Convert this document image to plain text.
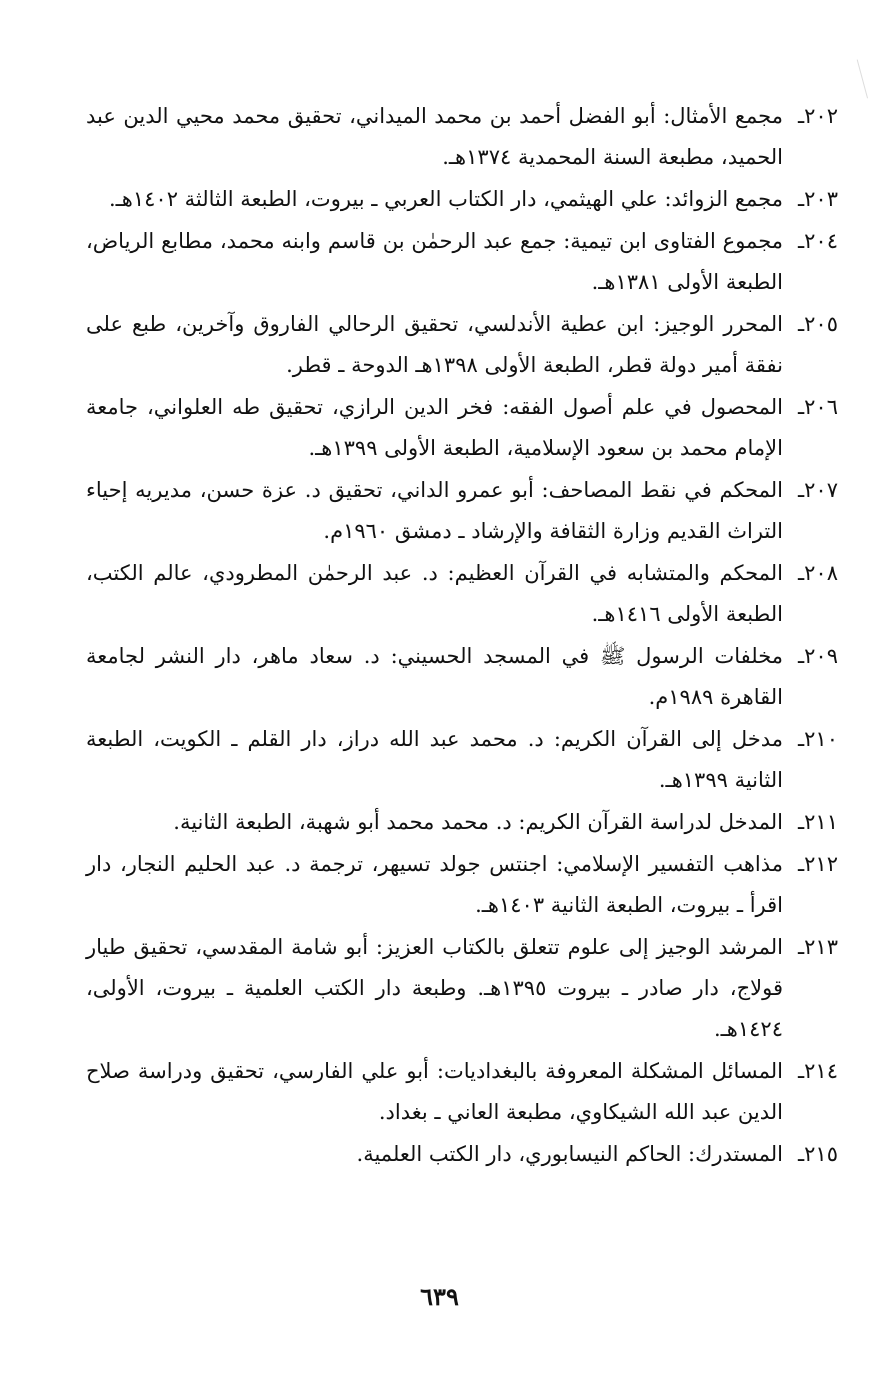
٢٠٢ـ
مجمع الأمثال: أبو الفضل أحمد بن محمد الميداني، تحقيق محمد محيي الدين عبد الحميد، مطبعة السنة المحمدية ١٣٧٤هـ.
٢٠٣ـ
مجمع الزوائد: علي الهيثمي، دار الكتاب العربي ـ بيروت، الطبعة الثالثة ١٤٠٢هـ.
٢٠٤ـ
مجموع الفتاوى ابن تيمية: جمع عبد الرحمٰن بن قاسم وابنه محمد، مطابع الرياض، الطبعة الأولى ١٣٨١هـ.
٢٠٥ـ
المحرر الوجيز: ابن عطية الأندلسي، تحقيق الرحالي الفاروق وآخرين، طبع على نفقة أمير دولة قطر، الطبعة الأولى ١٣٩٨هـ الدوحة ـ قطر.
٢٠٦ـ
المحصول في علم أصول الفقه: فخر الدين الرازي، تحقيق طه العلواني، جامعة الإمام محمد بن سعود الإسلامية، الطبعة الأولى ١٣٩٩هـ.
٢٠٧ـ
المحكم في نقط المصاحف: أبو عمرو الداني، تحقيق د. عزة حسن، مديريه إحياء التراث القديم وزارة الثقافة والإرشاد ـ دمشق ١٩٦٠م.
٢٠٨ـ
المحكم والمتشابه في القرآن العظيم: د. عبد الرحمٰن المطرودي، عالم الكتب، الطبعة الأولى ١٤١٦هـ.
٢٠٩ـ
مخلفات الرسول ﷺ في المسجد الحسيني: د. سعاد ماهر، دار النشر لجامعة القاهرة ١٩٨٩م.
٢١٠ـ
مدخل إلى القرآن الكريم: د. محمد عبد الله دراز، دار القلم ـ الكويت، الطبعة الثانية ١٣٩٩هـ.
٢١١ـ
المدخل لدراسة القرآن الكريم: د. محمد محمد أبو شهبة، الطبعة الثانية.
٢١٢ـ
مذاهب التفسير الإسلامي: اجنتس جولد تسيهر، ترجمة د. عبد الحليم النجار، دار اقرأ ـ بيروت، الطبعة الثانية ١٤٠٣هـ.
٢١٣ـ
المرشد الوجيز إلى علوم تتعلق بالكتاب العزيز: أبو شامة المقدسي، تحقيق طيار قولاج، دار صادر ـ بيروت ١٣٩٥هـ. وطبعة دار الكتب العلمية ـ بيروت، الأولى، ١٤٢٤هـ.
٢١٤ـ
المسائل المشكلة المعروفة بالبغداديات: أبو علي الفارسي، تحقيق ودراسة صلاح الدين عبد الله الشيكاوي، مطبعة العاني ـ بغداد.
٢١٥ـ
المستدرك: الحاكم النيسابوري، دار الكتب العلمية.
٦٣٩
